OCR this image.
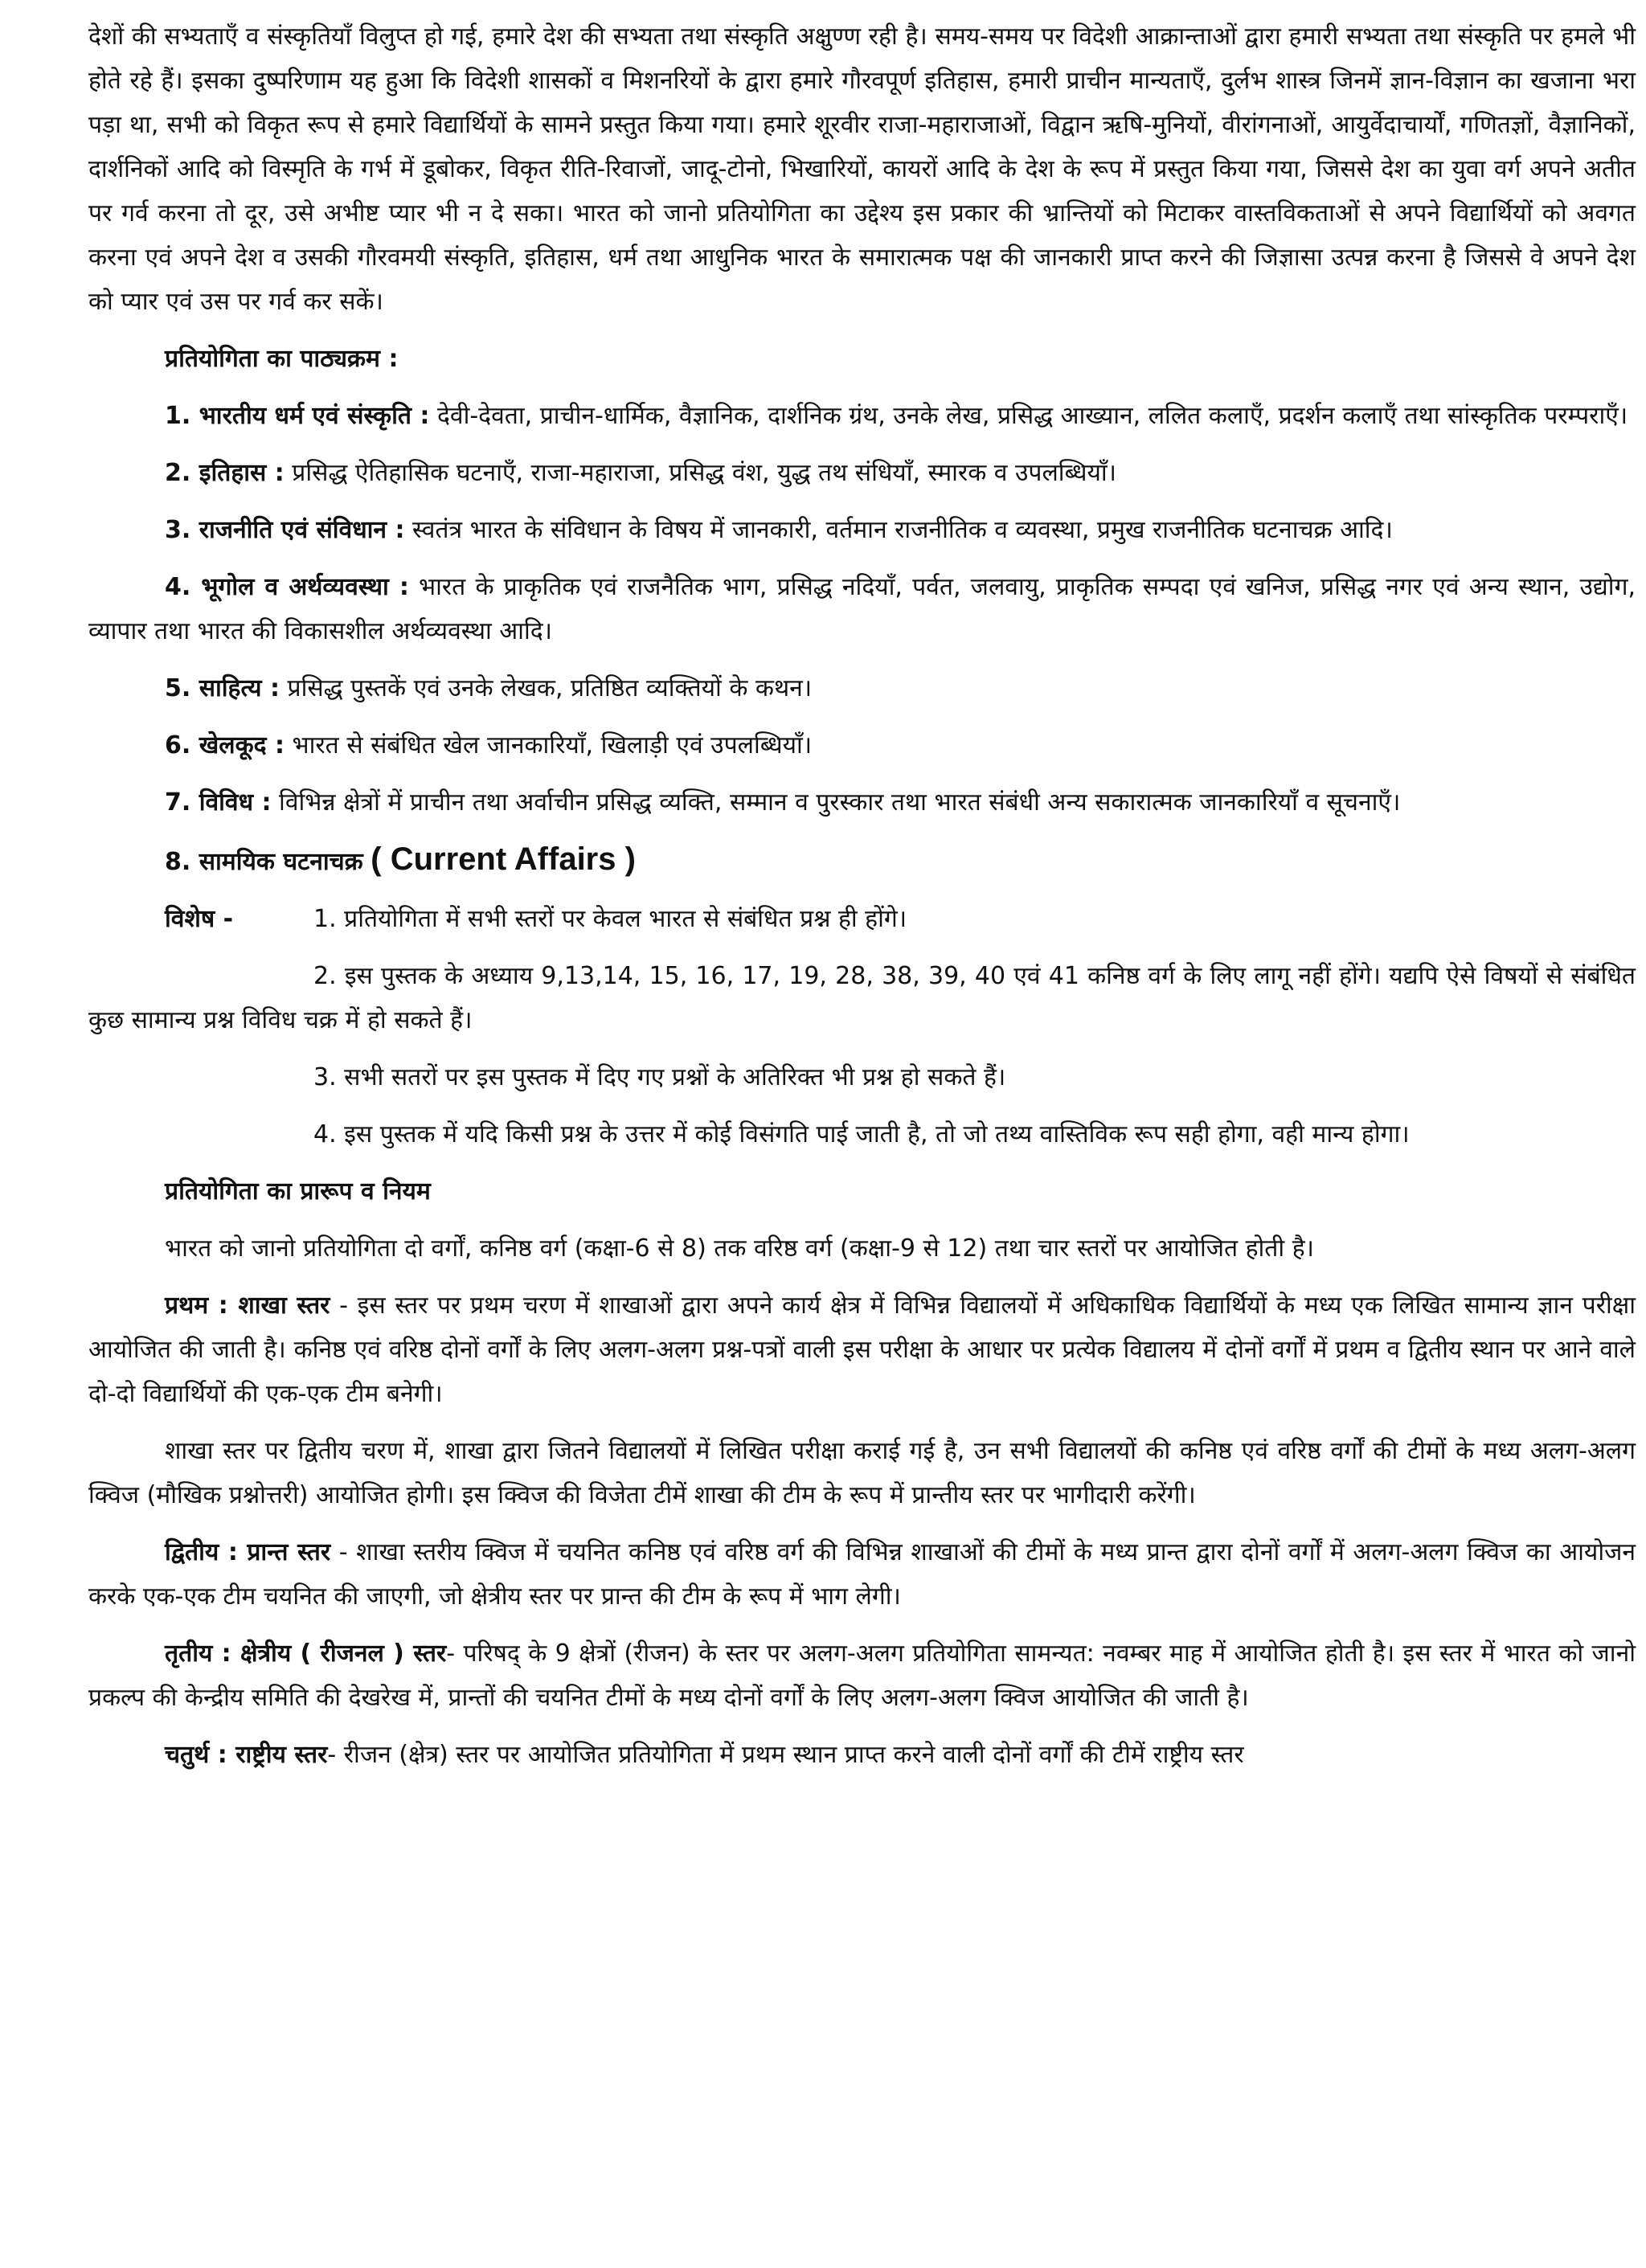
देशों की सभ्यताएँ व संस्कृतियाँ विलुप्त हो गई, हमारे देश की सभ्यता तथा संस्कृति अक्षुण्ण रही है। समय-समय पर विदेशी आक्रान्ताओं द्वारा हमारी सभ्यता तथा संस्कृति पर हमले भी होते रहे हैं। इसका दुष्परिणाम यह हुआ कि विदेशी शासकों व मिशनरियों के द्वारा हमारे गौरवपूर्ण इतिहास, हमारी प्राचीन मान्यताएँ, दुर्लभ शास्त्र जिनमें ज्ञान-विज्ञान का खजाना भरा पड़ा था, सभी को विकृत रूप से हमारे विद्यार्थियों के सामने प्रस्तुत किया गया। हमारे शूरवीर राजा-महाराजाओं, विद्वान ऋषि-मुनियों, वीरांगनाओं, आयुर्वेदाचार्यों, गणितज्ञों, वैज्ञानिकों, दार्शनिकों आदि को विस्मृति के गर्भ में डूबोकर, विकृत रीति-रिवाजों, जादू-टोनो, भिखारियों, कायरों आदि के देश के रूप में प्रस्तुत किया गया, जिससे देश का युवा वर्ग अपने अतीत पर गर्व करना तो दूर, उसे अभीष्ट प्यार भी न दे सका। भारत को जानो प्रतियोगिता का उद्देश्य इस प्रकार की भ्रान्तियों को मिटाकर वास्तविकताओं से अपने विद्यार्थियों को अवगत करना एवं अपने देश व उसकी गौरवमयी संस्कृति, इतिहास, धर्म तथा आधुनिक भारत के समारात्मक पक्ष की जानकारी प्राप्त करने की जिज्ञासा उत्पन्न करना है जिससे वे अपने देश को प्यार एवं उस पर गर्व कर सकें।

प्रतियोगिता का पाठ्यक्रम :

1. भारतीय धर्म एवं संस्कृति : देवी-देवता, प्राचीन-धार्मिक, वैज्ञानिक, दार्शनिक ग्रंथ, उनके लेख, प्रसिद्ध आख्यान, ललित कलाएँ, प्रदर्शन कलाएँ तथा सांस्कृतिक परम्पराएँ।

2. इतिहास : प्रसिद्ध ऐतिहासिक घटनाएँ, राजा-महाराजा, प्रसिद्ध वंश, युद्ध तथ संधियाँ, स्मारक व उपलब्धियाँ।

3. राजनीति एवं संविधान : स्वतंत्र भारत के संविधान के विषय में जानकारी, वर्तमान राजनीतिक व व्यवस्था, प्रमुख राजनीतिक घटनाचक्र आदि।

4. भूगोल व अर्थव्यवस्था : भारत के प्राकृतिक एवं राजनैतिक भाग, प्रसिद्ध नदियाँ, पर्वत, जलवायु, प्राकृतिक सम्पदा एवं खनिज, प्रसिद्ध नगर एवं अन्य स्थान, उद्योग, व्यापार तथा भारत की विकासशील अर्थव्यवस्था आदि।

5. साहित्य : प्रसिद्ध पुस्तकें एवं उनके लेखक, प्रतिष्ठित व्यक्तियों के कथन।

6. खेलकूद : भारत से संबंधित खेल जानकारियाँ, खिलाड़ी एवं उपलब्धियाँ।

7. विविध : विभिन्न क्षेत्रों में प्राचीन तथा अर्वाचीन प्रसिद्ध व्यक्ति, सम्मान व पुरस्कार तथा भारत संबंधी अन्य सकारात्मक जानकारियाँ व सूचनाएँ।

8. सामयिक घटनाचक्र ( Current Affairs )

विशेष -	1. प्रतियोगिता में सभी स्तरों पर केवल भारत से संबंधित प्रश्न ही होंगे।

2. इस पुस्तक के अध्याय 9,13,14, 15, 16, 17, 19, 28, 38, 39, 40 एवं 41 कनिष्ठ वर्ग के लिए लागू नहीं होंगे। यद्यपि ऐसे विषयों से संबंधित कुछ सामान्य प्रश्न विविध चक्र में हो सकते हैं।

3. सभी सतरों पर इस पुस्तक में दिए गए प्रश्नों के अतिरिक्त भी प्रश्न हो सकते हैं।

4. इस पुस्तक में यदि किसी प्रश्न के उत्तर में कोई विसंगति पाई जाती है, तो जो तथ्य वास्तिविक रूप सही होगा, वही मान्य होगा।

प्रतियोगिता का प्रारूप व नियम

भारत को जानो प्रतियोगिता दो वर्गों, कनिष्ठ वर्ग (कक्षा-6 से 8) तक वरिष्ठ वर्ग (कक्षा-9 से 12) तथा चार स्तरों पर आयोजित होती है।

प्रथम : शाखा स्तर - इस स्तर पर प्रथम चरण में शाखाओं द्वारा अपने कार्य क्षेत्र में विभिन्न विद्यालयों में अधिकाधिक विद्यार्थियों के मध्य एक लिखित सामान्य ज्ञान परीक्षा आयोजित की जाती है। कनिष्ठ एवं वरिष्ठ दोनों वर्गों के लिए अलग-अलग प्रश्न-पत्रों वाली इस परीक्षा के आधार पर प्रत्येक विद्यालय में दोनों वर्गों में प्रथम व द्वितीय स्थान पर आने वाले दो-दो विद्यार्थियों की एक-एक टीम बनेगी।

शाखा स्तर पर द्वितीय चरण में, शाखा द्वारा जितने विद्यालयों में लिखित परीक्षा कराई गई है, उन सभी विद्यालयों की कनिष्ठ एवं वरिष्ठ वर्गों की टीमों के मध्य अलग-अलग क्विज (मौखिक प्रश्नोत्तरी) आयोजित होगी। इस क्विज की विजेता टीमें शाखा की टीम के रूप में प्रान्तीय स्तर पर भागीदारी करेंगी।

द्वितीय : प्रान्त स्तर - शाखा स्तरीय क्विज में चयनित कनिष्ठ एवं वरिष्ठ वर्ग की विभिन्न शाखाओं की टीमों के मध्य प्रान्त द्वारा दोनों वर्गों में अलग-अलग क्विज का आयोजन करके एक-एक टीम चयनित की जाएगी, जो क्षेत्रीय स्तर पर प्रान्त की टीम के रूप में भाग लेगी।

तृतीय : क्षेत्रीय ( रीजनल ) स्तर- परिषद् के 9 क्षेत्रों (रीजन) के स्तर पर अलग-अलग प्रतियोगिता सामन्यत: नवम्बर माह में आयोजित होती है। इस स्तर में भारत को जानो प्रकल्प की केन्द्रीय समिति की देखरेख में, प्रान्तों की चयनित टीमों के मध्य दोनों वर्गों के लिए अलग-अलग क्विज आयोजित की जाती है।

चतुर्थ : राष्ट्रीय स्तर- रीजन (क्षेत्र) स्तर पर आयोजित प्रतियोगिता में प्रथम स्थान प्राप्त करने वाली दोनों वर्गों की टीमें राष्ट्रीय स्तर
